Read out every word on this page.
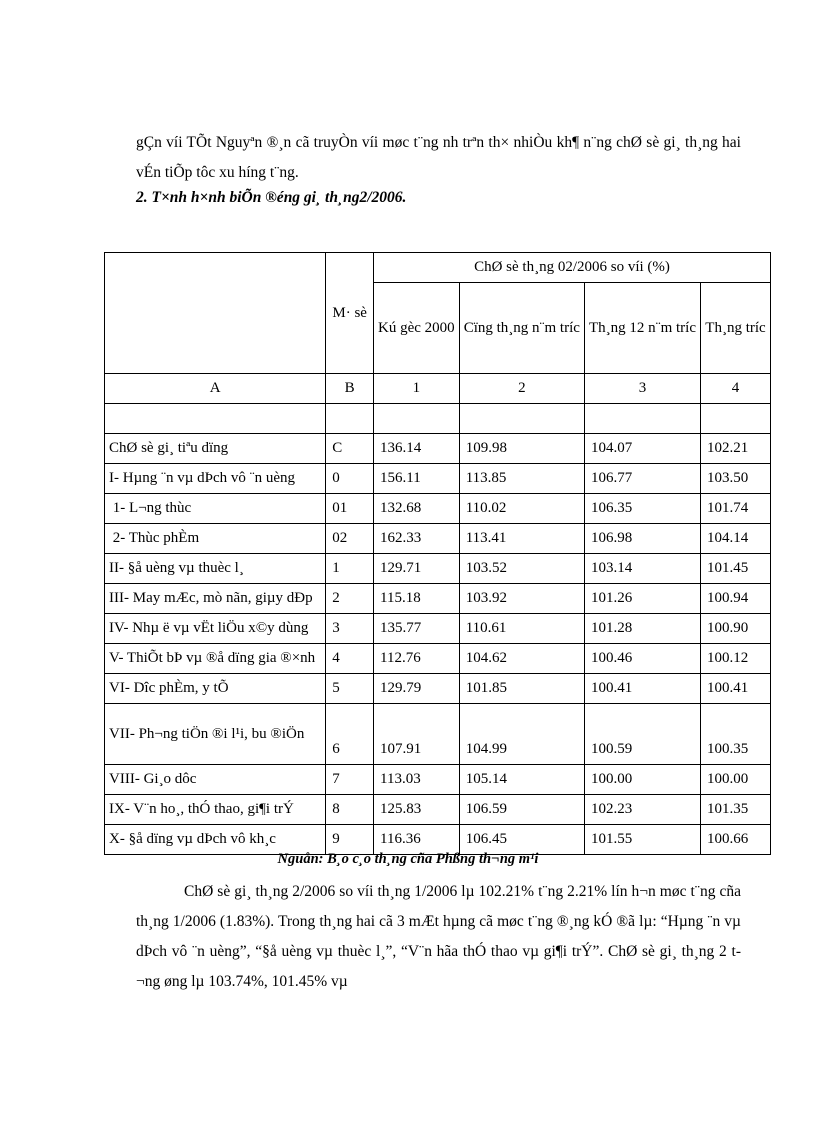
gÇn víi TÕt Nguyªn ®¸n cã truyÒn víi møc t¨ng nh trªn th× nhiÒu kh¶ n¨ng chØ sè gi¸ th¸ng hai vÉn tiÕp tôc xu híng t¨ng.
2. T×nh h×nh biÕn ®éng gi¸ th¸ng2/2006.
	M· sè	ChØ sè th¸ng 02/2006 so víi (%)			
		Kú gèc 2000	Cïng th¸ng n¨m tríc	Th¸ng 12 n¨m tríc	Th¸ng tríc
A	B	1	2	3	4

ChØ sè gi¸ tiªu dïng	C	136.14	109.98	104.07	102.21
I- Hµng ¨n vµ dÞch vô ¨n uèng	0	156.11	113.85	106.77	103.50
1- L¬ng thùc	01	132.68	110.02	106.35	101.74
2- Thùc phÈm	02	162.33	113.41	106.98	104.14
II- §å uèng vµ thuèc l¸	1	129.71	103.52	103.14	101.45
III- May mÆc, mò nãn, giµy dÐp	2	115.18	103.92	101.26	100.94
IV- Nhµ ë vµ vËt liÖu x©y dùng	3	135.77	110.61	101.28	100.90
V- ThiÕt bÞ vµ ®å dïng gia ®×nh	4	112.76	104.62	100.46	100.12
VI- Dîc phÈm, y tÕ	5	129.79	101.85	100.41	100.41
VII- Ph¬ng tiÖn ®i l¹i, bu ®iÖn	6	107.91	104.99	100.59	100.35
VIII- Gi¸o dôc	7	113.03	105.14	100.00	100.00
IX- V¨n ho¸, thÓ thao, gi¶i trÝ	8	125.83	106.59	102.23	101.35
X- §å dïng vµ dÞch vô kh¸c	9	116.36	106.45	101.55	100.66
Nguån: B¸o c¸o th¸ng cña Phßng th¬ng m¹i
ChØ sè gi¸ th¸ng 2/2006 so víi th¸ng 1/2006 lµ 102.21% t¨ng 2.21% lín h¬n møc t¨ng cña th¸ng 1/2006 (1.83%). Trong th¸ng hai cã 3 mÆt hµng cã møc t¨ng ®¸ng kÓ ®ã lµ: “Hµng ¨n vµ dÞch vô ¨n uèng”, “§å uèng vµ thuèc l¸”, “V¨n hãa thÓ thao vµ gi¶i trÝ”. ChØ sè gi¸ th¸ng 2 t¬ng øng lµ 103.74%, 101.45% vµ
